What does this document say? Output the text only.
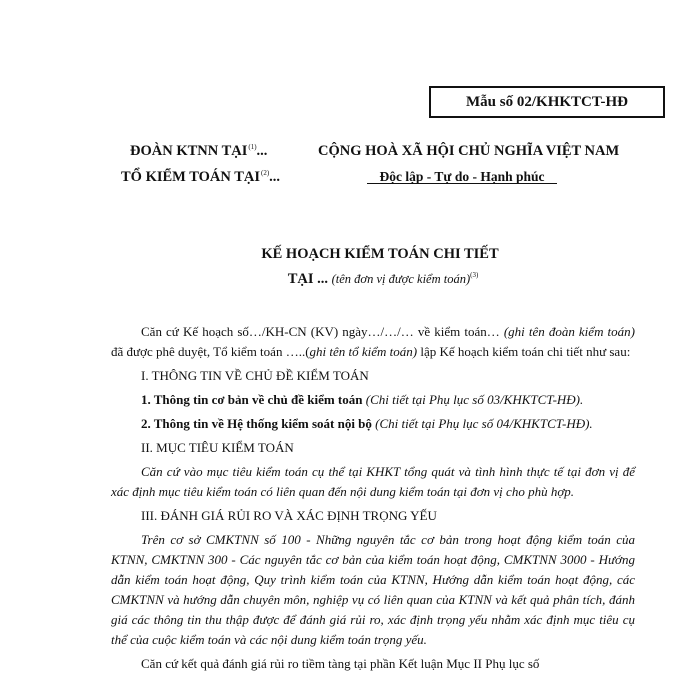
Mẫu số 02/KHKTCT-HĐ
ĐOÀN KTNN TẠI$^{(1)}$...
TỔ KIỂM TOÁN TẠI$^{(2)}$...
CỘNG HOÀ XÃ HỘI CHỦ NGHĨA VIỆT NAM
Độc lập - Tự do - Hạnh phúc
KẾ HOẠCH KIỂM TOÁN CHI TIẾT
TẠI ... (tên đơn vị được kiểm toán)$^{(3)}$

Căn cứ Kế hoạch số…/KH-CN (KV) ngày…/…/… về kiểm toán… (ghi tên đoàn kiểm toán) đã được phê duyệt, Tổ kiểm toán …..(ghi tên tổ kiểm toán) lập Kế hoạch kiểm toán chi tiết như sau:

I. THÔNG TIN VỀ CHỦ ĐỀ KIỂM TOÁN

1. Thông tin cơ bản về chủ đề kiểm toán (Chi tiết tại Phụ lục số 03/KHKTCT-HĐ).

2. Thông tin về Hệ thống kiểm soát nội bộ (Chi tiết tại Phụ lục số 04/KHKTCT-HĐ).

II. MỤC TIÊU KIỂM TOÁN

Căn cứ vào mục tiêu kiểm toán cụ thể tại KHKT tổng quát và tình hình thực tế tại đơn vị để xác định mục tiêu kiểm toán có liên quan đến nội dung kiểm toán tại đơn vị cho phù hợp.

III. ĐÁNH GIÁ RỦI RO VÀ XÁC ĐỊNH TRỌNG YẾU

Trên cơ sở CMKTNN số 100 - Những nguyên tắc cơ bản trong hoạt động kiểm toán của KTNN, CMKTNN 300 - Các nguyên tắc cơ bản của kiểm toán hoạt động, CMKTNN 3000 - Hướng dẫn kiểm toán hoạt động, Quy trình kiểm toán của KTNN, Hướng dẫn kiểm toán hoạt động, các CMKTNN và hướng dẫn chuyên môn, nghiệp vụ có liên quan của KTNN và kết quả phân tích, đánh giá các thông tin thu thập được để đánh giá rủi ro, xác định trọng yếu nhằm xác định mục tiêu cụ thể của cuộc kiểm toán và các nội dung kiểm toán trọng yếu.

Căn cứ kết quả đánh giá rủi ro tiềm tàng tại phần Kết luận Mục II Phụ lục số
